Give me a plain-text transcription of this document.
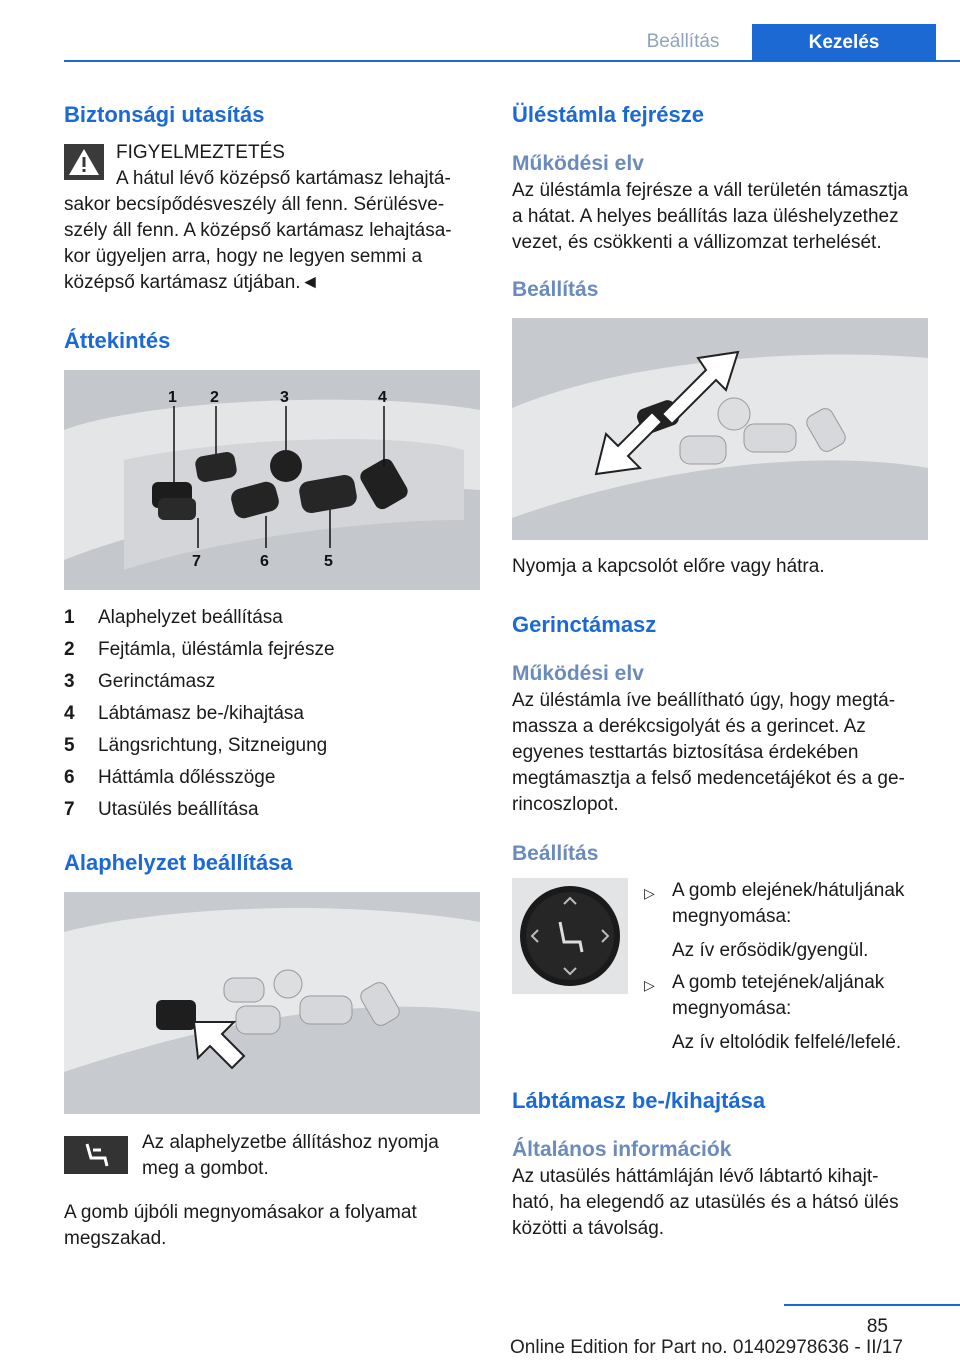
Beállítás	Kezelés
Biztonsági utasítás
FIGYELMEZTETÉS
A hátul lévő középső kartámasz lehajtá-
sakor becsípődésveszély áll fenn. Sérülésve-
szély áll fenn. A középső kartámasz lehajtása-
kor ügyeljen arra, hogy ne legyen semmi a
középső kartámasz útjában.◄
Áttekintés
1 2	3	4
7	6	5
1	Alaphelyzet beállítása
2	Fejtámla, üléstámla fejrésze
3	Gerinctámasz
4	Lábtámasz be-/kihajtása
5	Längsrichtung, Sitzneigung
6	Háttámla dőlésszöge
7	Utasülés beállítása
Alaphelyzet beállítása
Az alaphelyzetbe állításhoz nyomja
meg a gombot.
A gomb újbóli megnyomásakor a folyamat
megszakad.
Üléstámla fejrésze
Működési elv
Az üléstámla fejrésze a váll területén támasztja
a hátat. A helyes beállítás laza üléshelyzethez
vezet, és csökkenti a vállizomzat terhelését.
Beállítás
Nyomja a kapcsolót előre vagy hátra.
Gerinctámasz
Működési elv
Az üléstámla íve beállítható úgy, hogy megtá-
massza a derékcsigolyát és a gerincet. Az
egyenes testtartás biztosítása érdekében
megtámasztja a felső medencetájékot és a ge-
rincoszlopot.
Beállítás
▷ A gomb elejének/hátuljának
megnyomása:
Az ív erősödik/gyengül.
▷ A gomb tetejének/aljának
megnyomása:
Az ív eltolódik felfelé/lefelé.
Lábtámasz be-/kihajtása
Általános információk
Az utasülés háttámláján lévő lábtartó kihajt-
ható, ha elegendő az utasülés és a hátsó ülés
közötti a távolság.
85
Online Edition for Part no. 01402978636 - II/17
